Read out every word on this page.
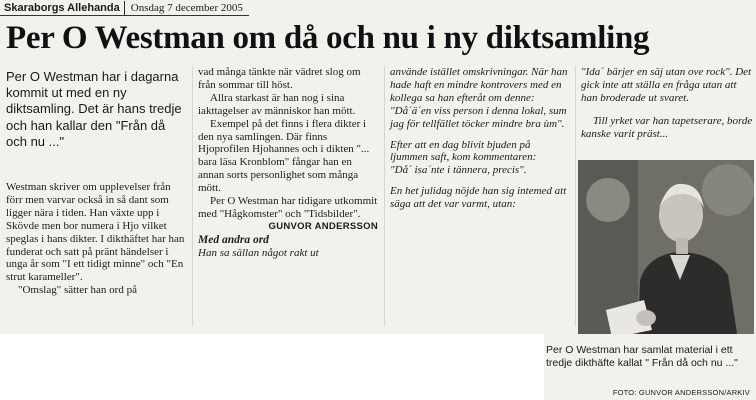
Skaraborgs Allehanda	Onsdag 7 december 2005
Per O Westman om då och nu i ny diktsamling
Per O Westman har i dagarna kommit ut med en ny diktsamling. Det är hans tredje och han kallar den "Från då och nu ..."

Westman skriver om upplevelser från förr men varvar också in så dant som ligger nära i tiden. Han växte upp i Skövde men bor numera i Hjo vilket speglas i hans dikter. I dikthäftet har han funderat och satt på pränt händelser i unga år som "I ett tidigt minne" och "En strut karameller".

"Omslag" sätter han ord på

vad många tänkte när vädret slog om från sommar till höst.

Allra starkast är han nog i sina iakttagelser av människor han mött.

Exempel på det finns i flera dikter i den nya samlingen. Där finns Hjoprofilen Hjohannes och i dikten "... bara läsa Kronblom" fångar han en annan sorts personlighet som många mött.

Per O Westman har tidigare utkommit med "Hågkomster" och "Tidsbilder".

GUNVOR ANDERSSON

Med andra ord

Han sa sällan något rakt ut

använde istället omskrivningar. När han hade haft en mindre kontrovers med en kollega sa han efteråt om denne:

"Då´ä´en viss person i denna lokal, sum jag för tellfället töcker mindre bra ùm".

Efter att en dag blivit bjuden på ljummen saft, kom kommentaren:

"Då´ isa´nte i tännera, precis".

En het julidag nöjde han sig intemed att säga att det var varmt, utan:

"Ida´ bärjer en säj utan ove rock". Det gick inte att ställa en fråga utan att han broderade ut svaret.

Till yrket var han tapetserare, borde kanske varit präst...

Per O Westman har samlat material i ett tredje dikthäfte kallat " Från då och nu ..."
FOTO: GUNVOR ANDERSSON/ARKIV
